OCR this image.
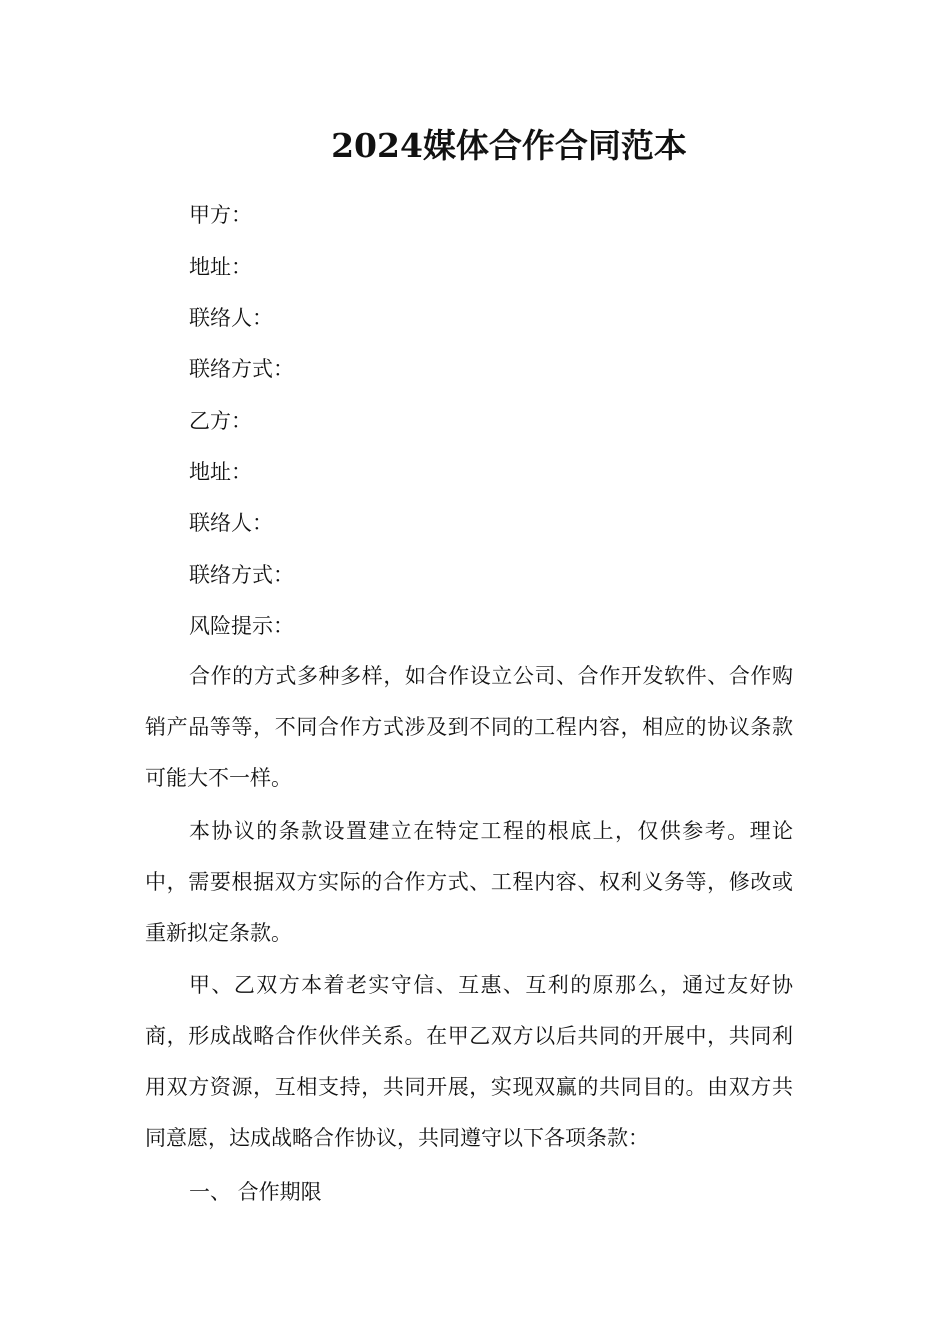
2024媒体合作合同范本
甲方：
地址：
联络人：
联络方式：
乙方：
地址：
联络人：
联络方式：
风险提示：
合作的方式多种多样，如合作设立公司、合作开发软件、合作购销产品等等，不同合作方式涉及到不同的工程内容，相应的协议条款可能大不一样。
本协议的条款设置建立在特定工程的根底上，仅供参考。理论中，需要根据双方实际的合作方式、工程内容、权利义务等，修改或重新拟定条款。
甲、乙双方本着老实守信、互惠、互利的原那么，通过友好协商，形成战略合作伙伴关系。在甲乙双方以后共同的开展中，共同利用双方资源，互相支持，共同开展，实现双赢的共同目的。由双方共同意愿，达成战略合作协议，共同遵守以下各项条款：
一、 合作期限
